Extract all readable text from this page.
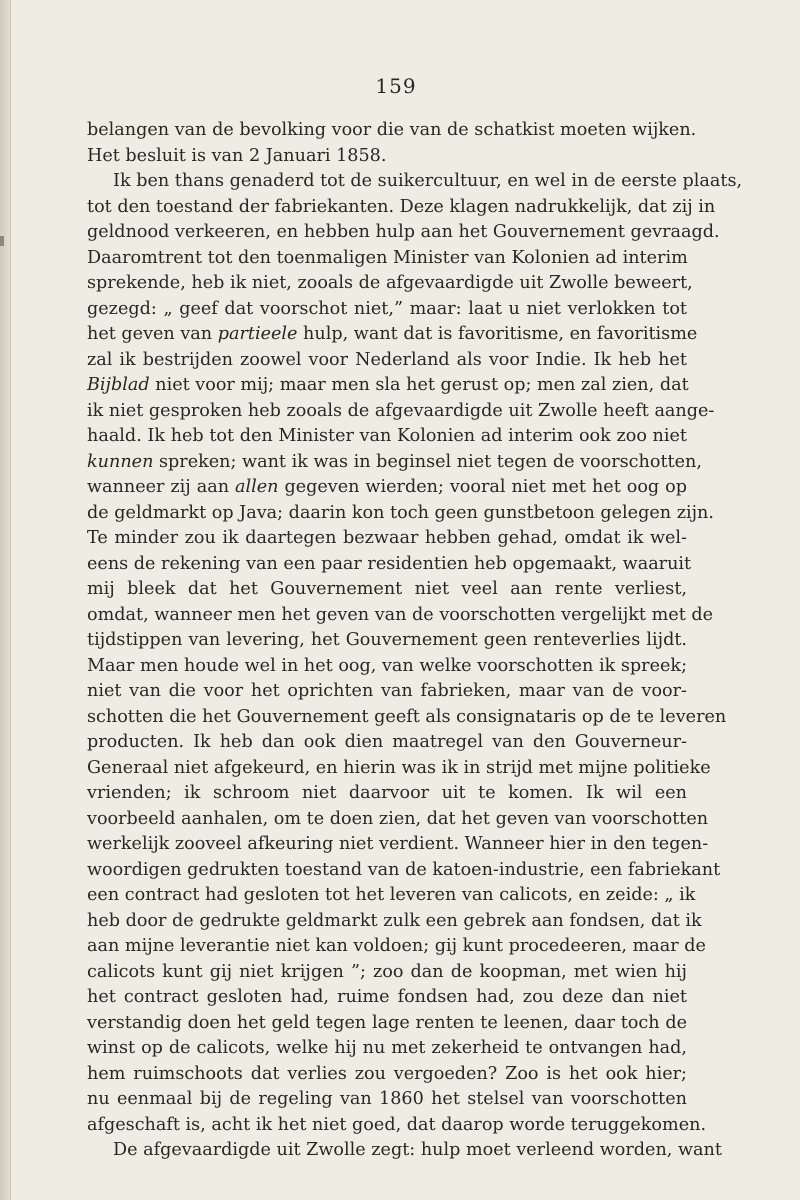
159
belangen van de bevolking voor die van de schatkist moeten wijken.
Het besluit is van 2 Januari 1858.
Ik ben thans genaderd tot de suikercultuur, en wel in de eerste plaats,
tot den toestand der fabriekanten. Deze klagen nadrukkelijk, dat zij in
geldnood verkeeren, en hebben hulp aan het Gouvernement gevraagd.
Daaromtrent tot den toenmaligen Minister van Kolonien ad interim
sprekende, heb ik niet, zooals de afgevaardigde uit Zwolle beweert,
gezegd: „ geef dat voorschot niet,” maar: laat u niet verlokken tot
het geven van partieele hulp, want dat is favoritisme, en favoritisme
zal ik bestrijden zoowel voor Nederland als voor Indie. Ik heb het
Bijblad niet voor mij; maar men sla het gerust op; men zal zien, dat
ik niet gesproken heb zooals de afgevaardigde uit Zwolle heeft aange-
haald. Ik heb tot den Minister van Kolonien ad interim ook zoo niet
kunnen spreken; want ik was in beginsel niet tegen de voorschotten,
wanneer zij aan allen gegeven wierden; vooral niet met het oog op
de geldmarkt op Java; daarin kon toch geen gunstbetoon gelegen zijn.
Te minder zou ik daartegen bezwaar hebben gehad, omdat ik wel-
eens de rekening van een paar residentien heb opgemaakt, waaruit
mij bleek dat het Gouvernement niet veel aan rente verliest,
omdat, wanneer men het geven van de voorschotten vergelijkt met de
tijdstippen van levering, het Gouvernement geen renteverlies lijdt.
Maar men houde wel in het oog, van welke voorschotten ik spreek;
niet van die voor het oprichten van fabrieken, maar van de voor-
schotten die het Gouvernement geeft als consignataris op de te leveren
producten. Ik heb dan ook dien maatregel van den Gouverneur-
Generaal niet afgekeurd, en hierin was ik in strijd met mijne politieke
vrienden; ik schroom niet daarvoor uit te komen. Ik wil een
voorbeeld aanhalen, om te doen zien, dat het geven van voorschotten
werkelijk zooveel afkeuring niet verdient. Wanneer hier in den tegen-
woordigen gedrukten toestand van de katoen-industrie, een fabriekant
een contract had gesloten tot het leveren van calicots, en zeide: „ ik
heb door de gedrukte geldmarkt zulk een gebrek aan fondsen, dat ik
aan mijne leverantie niet kan voldoen; gij kunt procedeeren, maar de
calicots kunt gij niet krijgen ”; zoo dan de koopman, met wien hij
het contract gesloten had, ruime fondsen had, zou deze dan niet
verstandig doen het geld tegen lage renten te leenen, daar toch de
winst op de calicots, welke hij nu met zekerheid te ontvangen had,
hem ruimschoots dat verlies zou vergoeden? Zoo is het ook hier;
nu eenmaal bij de regeling van 1860 het stelsel van voorschotten
afgeschaft is, acht ik het niet goed, dat daarop worde teruggekomen.
De afgevaardigde uit Zwolle zegt: hulp moet verleend worden, want
